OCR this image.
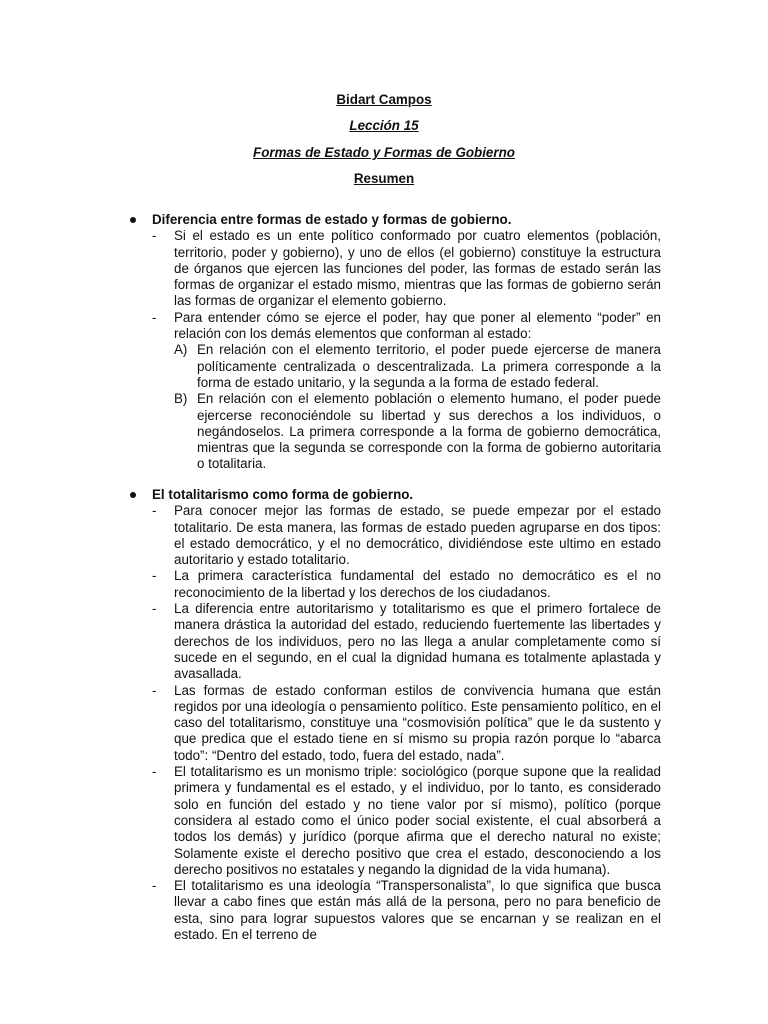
Bidart Campos
Lección 15
Formas de Estado y Formas de Gobierno
Resumen
Diferencia entre formas de estado y formas de gobierno.
- Si el estado es un ente político conformado por cuatro elementos (población, territorio, poder y gobierno), y uno de ellos (el gobierno) constituye la estructura de órganos que ejercen las funciones del poder, las formas de estado serán las formas de organizar el estado mismo, mientras que las formas de gobierno serán las formas de organizar el elemento gobierno.
- Para entender cómo se ejerce el poder, hay que poner al elemento “poder” en relación con los demás elementos que conforman al estado:
A) En relación con el elemento territorio, el poder puede ejercerse de manera políticamente centralizada o descentralizada. La primera corresponde a la forma de estado unitario, y la segunda a la forma de estado federal.
B) En relación con el elemento población o elemento humano, el poder puede ejercerse reconociéndole su libertad y sus derechos a los individuos, o negándoselos. La primera corresponde a la forma de gobierno democrática, mientras que la segunda se corresponde con la forma de gobierno autoritaria o totalitaria.
El totalitarismo como forma de gobierno.
- Para conocer mejor las formas de estado, se puede empezar por el estado totalitario. De esta manera, las formas de estado pueden agruparse en dos tipos: el estado democrático, y el no democrático, dividiéndose este ultimo en estado autoritario y estado totalitario.
- La primera característica fundamental del estado no democrático es el no reconocimiento de la libertad y los derechos de los ciudadanos.
- La diferencia entre autoritarismo y totalitarismo es que el primero fortalece de manera drástica la autoridad del estado, reduciendo fuertemente las libertades y derechos de los individuos, pero no las llega a anular completamente como sí sucede en el segundo, en el cual la dignidad humana es totalmente aplastada y avasallada.
- Las formas de estado conforman estilos de convivencia humana que están regidos por una ideología o pensamiento político. Este pensamiento político, en el caso del totalitarismo, constituye una “cosmovisión política” que le da sustento y que predica que el estado tiene en sí mismo su propia razón porque lo “abarca todo”: “Dentro del estado, todo, fuera del estado, nada”.
- El totalitarismo es un monismo triple: sociológico (porque supone que la realidad primera y fundamental es el estado, y el individuo, por lo tanto, es considerado solo en función del estado y no tiene valor por sí mismo), político (porque considera al estado como el único poder social existente, el cual absorberá a todos los demás) y jurídico (porque afirma que el derecho natural no existe; Solamente existe el derecho positivo que crea el estado, desconociendo a los derecho positivos no estatales y negando la dignidad de la vida humana).
- El totalitarismo es una ideología “Transpersonalista”, lo que significa que busca llevar a cabo fines que están más allá de la persona, pero no para beneficio de esta, sino para lograr supuestos valores que se encarnan y se realizan en el estado. En el terreno de
